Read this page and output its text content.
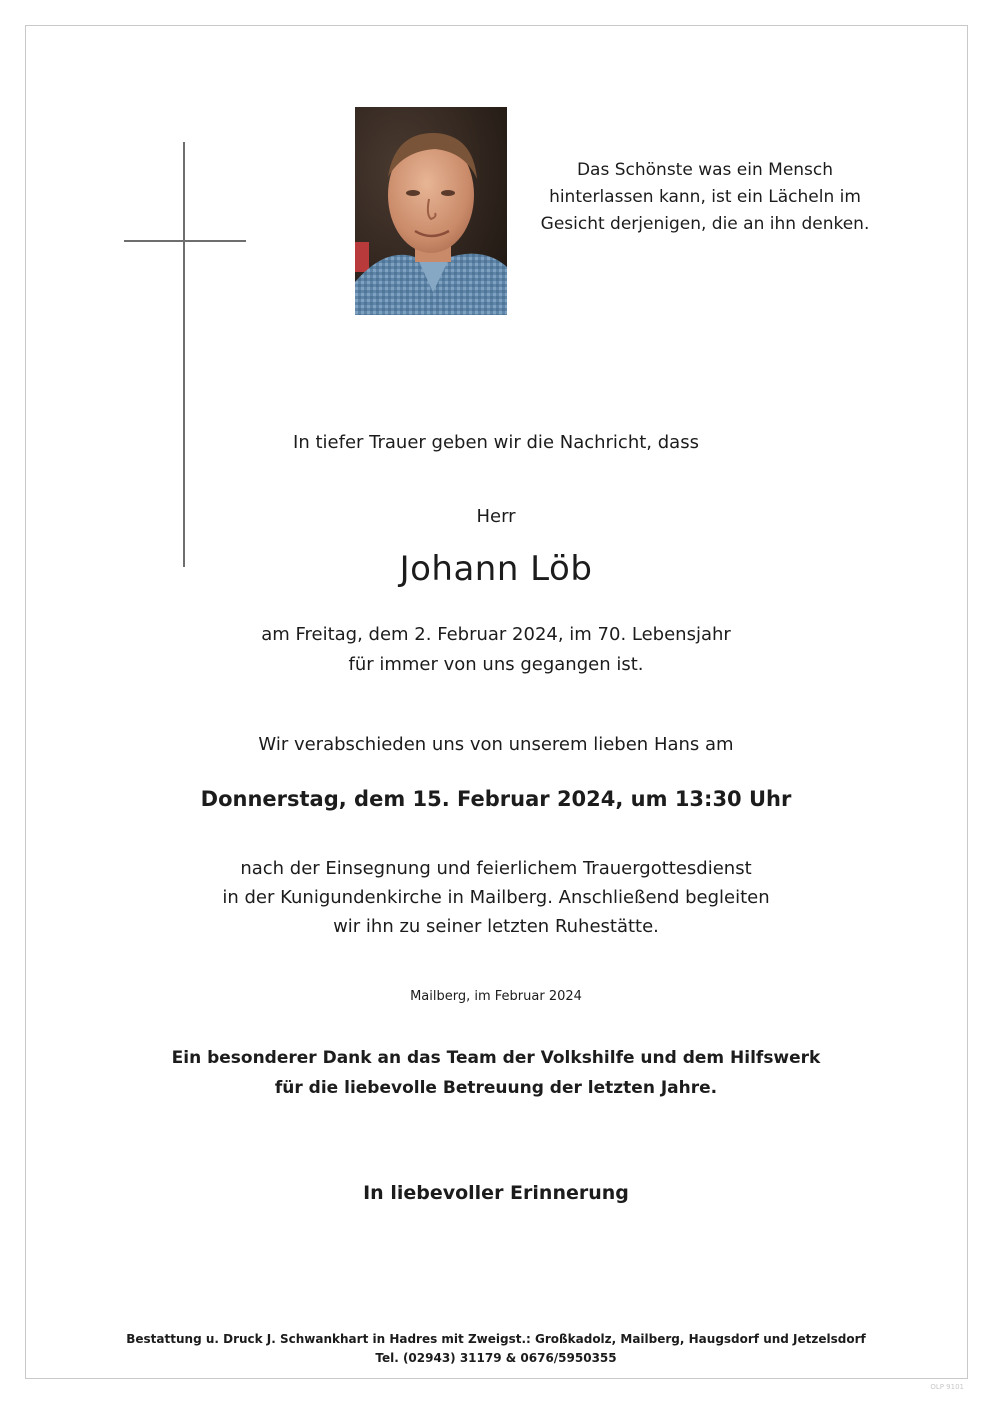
Das Schönste was ein Mensch
hinterlassen kann, ist ein Lächeln im
Gesicht derjenigen, die an ihn denken.
In tiefer Trauer geben wir die Nachricht, dass
Herr
Johann Löb
am Freitag, dem 2. Februar 2024, im 70. Lebensjahr
für immer von uns gegangen ist.
Wir verabschieden uns von unserem lieben Hans am
Donnerstag, dem 15. Februar 2024, um 13:30 Uhr
nach der Einsegnung und feierlichem Trauergottesdienst
in der Kunigundenkirche in Mailberg. Anschließend begleiten
wir ihn zu seiner letzten Ruhestätte.
Mailberg, im Februar 2024
Ein besonderer Dank an das Team der Volkshilfe und dem Hilfswerk
für die liebevolle Betreuung der letzten Jahre.
In liebevoller Erinnerung
Bestattung u. Druck J. Schwankhart in Hadres mit Zweigst.: Großkadolz, Mailberg, Haugsdorf und Jetzelsdorf
Tel. (02943) 31179 & 0676/5950355
OLP 9101
